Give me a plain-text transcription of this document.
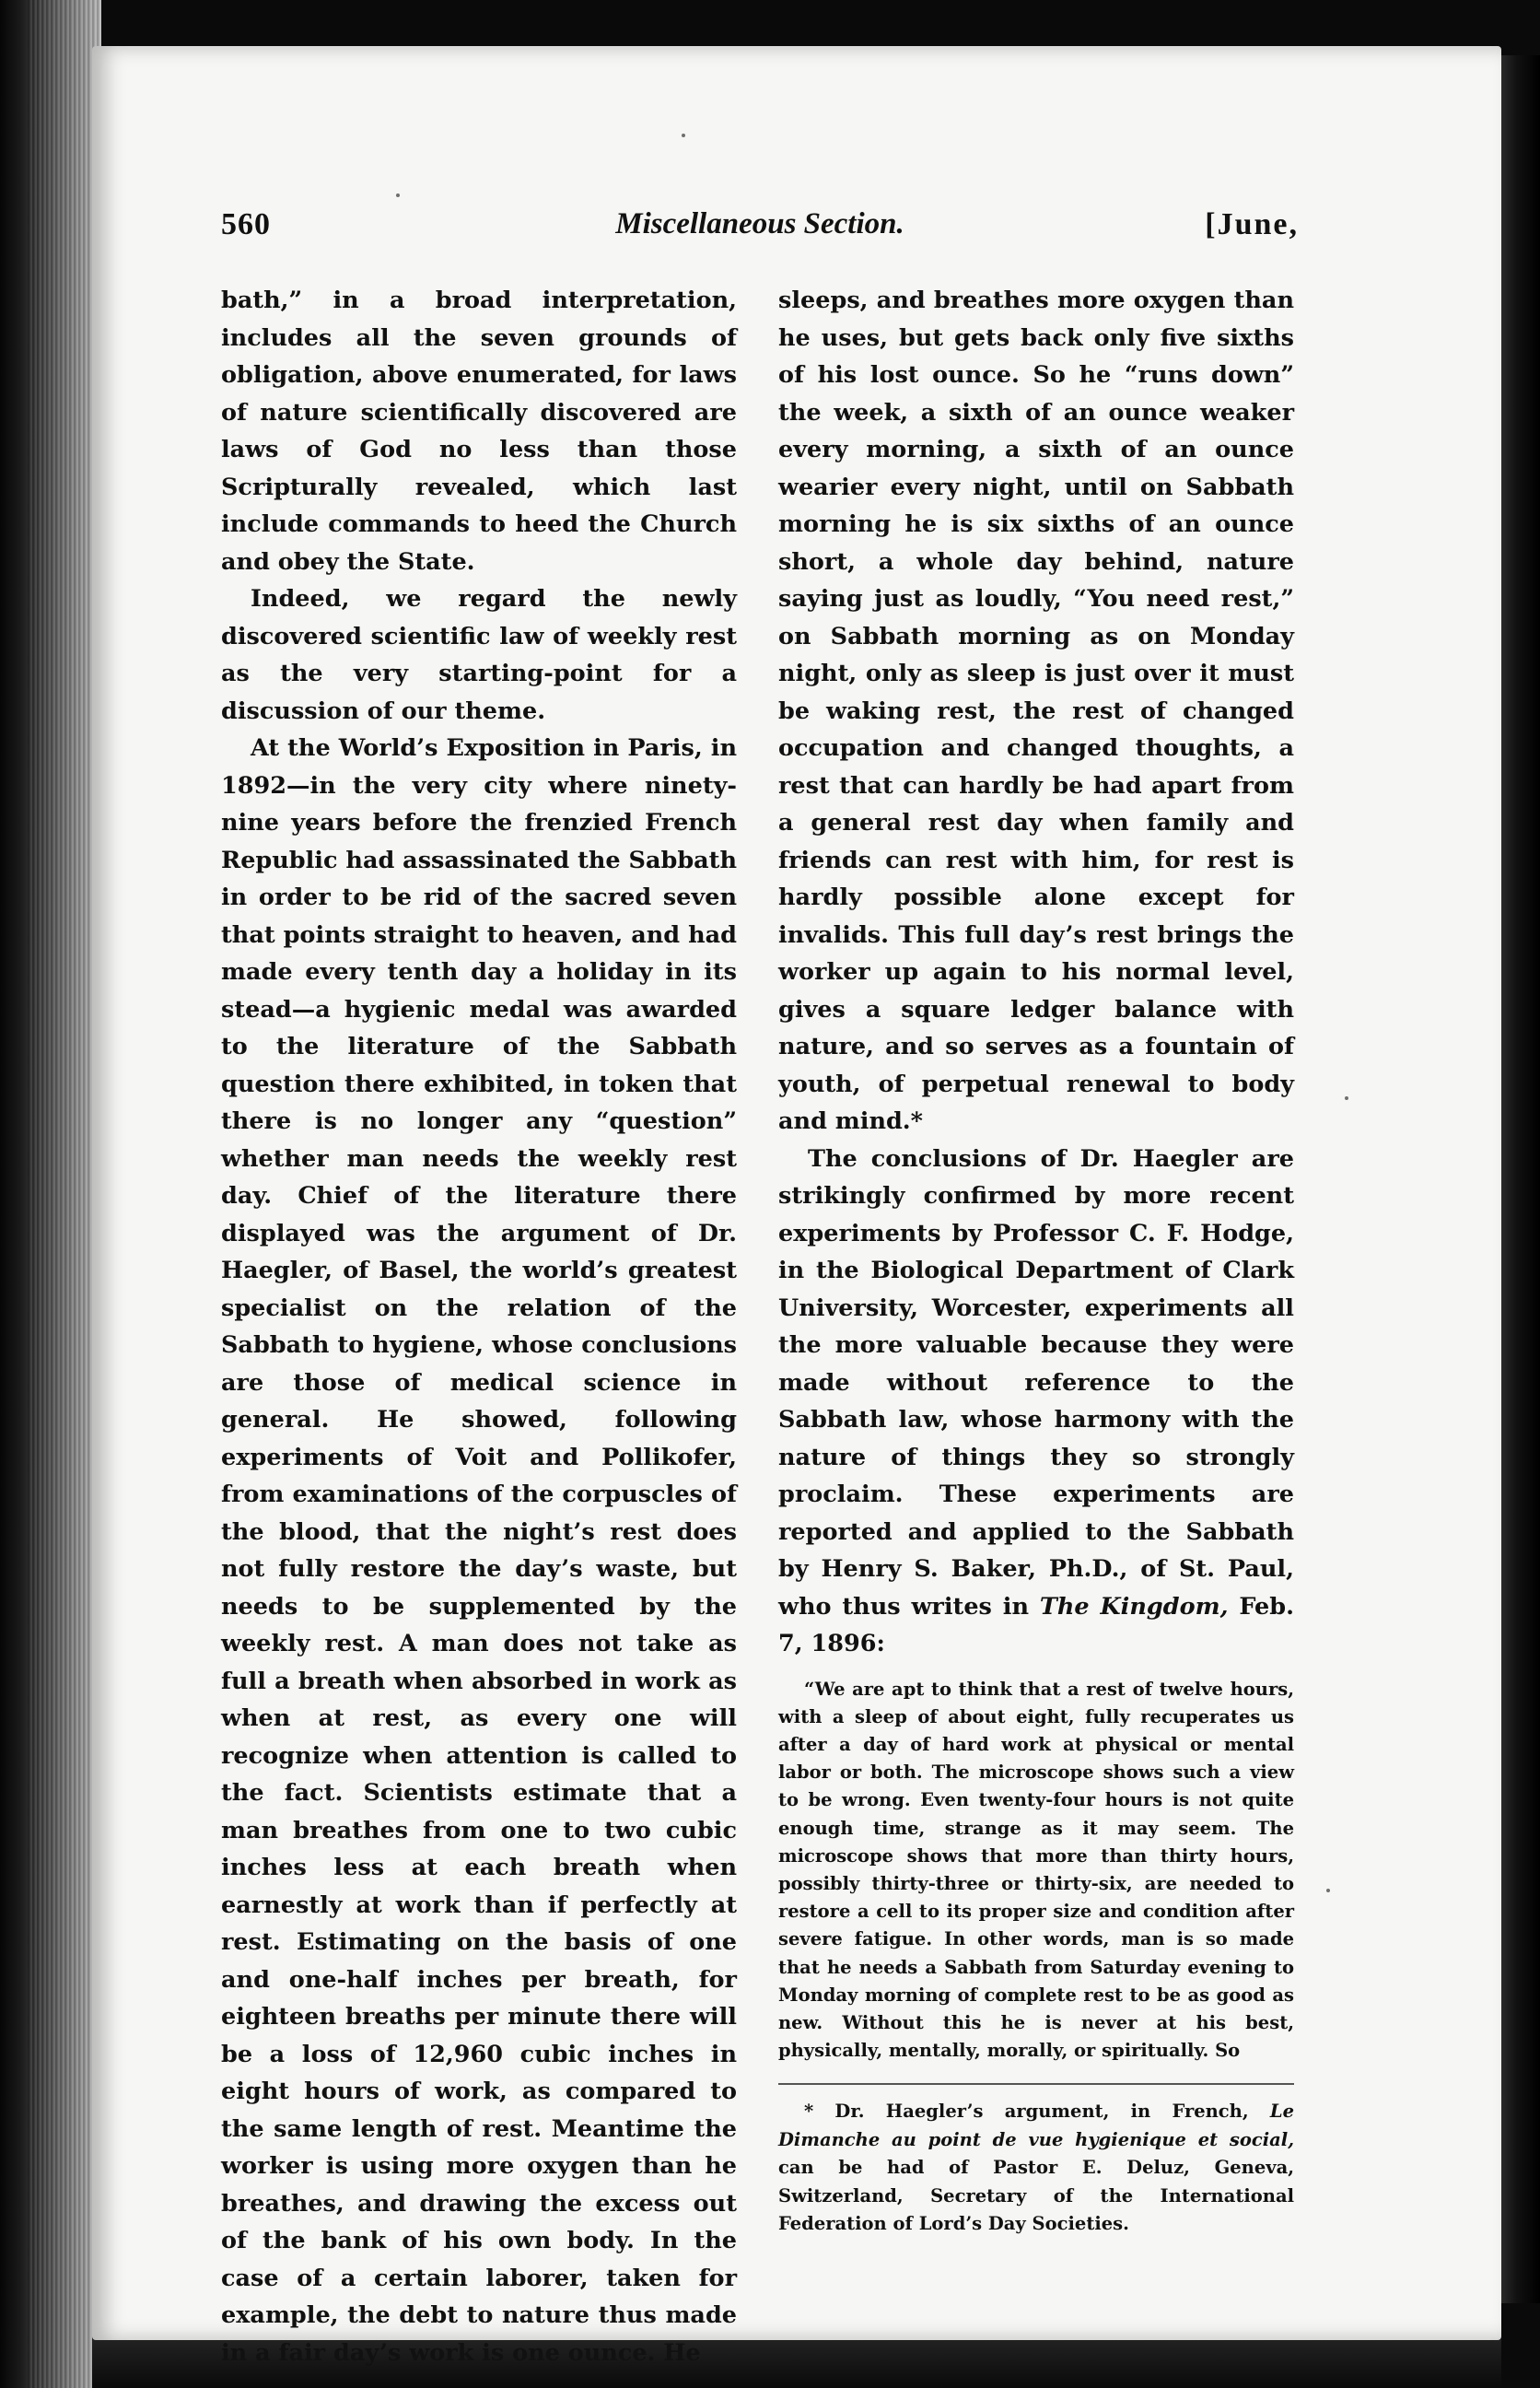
560	Miscellaneous Section.	[June,

bath,” in a broad interpretation, includes all the seven grounds of obligation, above enumerated, for laws of nature scientifically discovered are laws of God no less than those Scripturally revealed, which last include commands to heed the Church and obey the State.

Indeed, we regard the newly discovered scientific law of weekly rest as the very starting-point for a discussion of our theme.

At the World’s Exposition in Paris, in 1892—in the very city where ninety-nine years before the frenzied French Republic had assassinated the Sabbath in order to be rid of the sacred seven that points straight to heaven, and had made every tenth day a holiday in its stead—a hygienic medal was awarded to the literature of the Sabbath question there exhibited, in token that there is no longer any “question” whether man needs the weekly rest day. Chief of the literature there displayed was the argument of Dr. Haegler, of Basel, the world’s greatest specialist on the relation of the Sabbath to hygiene, whose conclusions are those of medical science in general. He showed, following experiments of Voit and Pollikofer, from examinations of the corpuscles of the blood, that the night’s rest does not fully restore the day’s waste, but needs to be supplemented by the weekly rest. A man does not take as full a breath when absorbed in work as when at rest, as every one will recognize when attention is called to the fact. Scientists estimate that a man breathes from one to two cubic inches less at each breath when earnestly at work than if perfectly at rest. Estimating on the basis of one and one-half inches per breath, for eighteen breaths per minute there will be a loss of 12,960 cubic inches in eight hours of work, as compared to the same length of rest. Meantime the worker is using more oxygen than he breathes, and drawing the excess out of the bank of his own body. In the case of a certain laborer, taken for example, the debt to nature thus made in a fair day’s work is one ounce. He

sleeps, and breathes more oxygen than he uses, but gets back only five sixths of his lost ounce. So he “runs down” the week, a sixth of an ounce weaker every morning, a sixth of an ounce wearier every night, until on Sabbath morning he is six sixths of an ounce short, a whole day behind, nature saying just as loudly, “You need rest,” on Sabbath morning as on Monday night, only as sleep is just over it must be waking rest, the rest of changed occupation and changed thoughts, a rest that can hardly be had apart from a general rest day when family and friends can rest with him, for rest is hardly possible alone except for invalids. This full day’s rest brings the worker up again to his normal level, gives a square ledger balance with nature, and so serves as a fountain of youth, of perpetual renewal to body and mind.*

The conclusions of Dr. Haegler are strikingly confirmed by more recent experiments by Professor C. F. Hodge, in the Biological Department of Clark University, Worcester, experiments all the more valuable because they were made without reference to the Sabbath law, whose harmony with the nature of things they so strongly proclaim. These experiments are reported and applied to the Sabbath by Henry S. Baker, Ph.D., of St. Paul, who thus writes in The Kingdom, Feb. 7, 1896:

“We are apt to think that a rest of twelve hours, with a sleep of about eight, fully recuperates us after a day of hard work at physical or mental labor or both. The microscope shows such a view to be wrong. Even twenty-four hours is not quite enough time, strange as it may seem. The microscope shows that more than thirty hours, possibly thirty-three or thirty-six, are needed to restore a cell to its proper size and condition after severe fatigue. In other words, man is so made that he needs a Sabbath from Saturday evening to Monday morning of complete rest to be as good as new. Without this he is never at his best, physically, mentally, morally, or spiritually. So

* Dr. Haegler’s argument, in French, Le Dimanche au point de vue hygienique et social, can be had of Pastor E. Deluz, Geneva, Switzerland, Secretary of the International Federation of Lord’s Day Societies.
